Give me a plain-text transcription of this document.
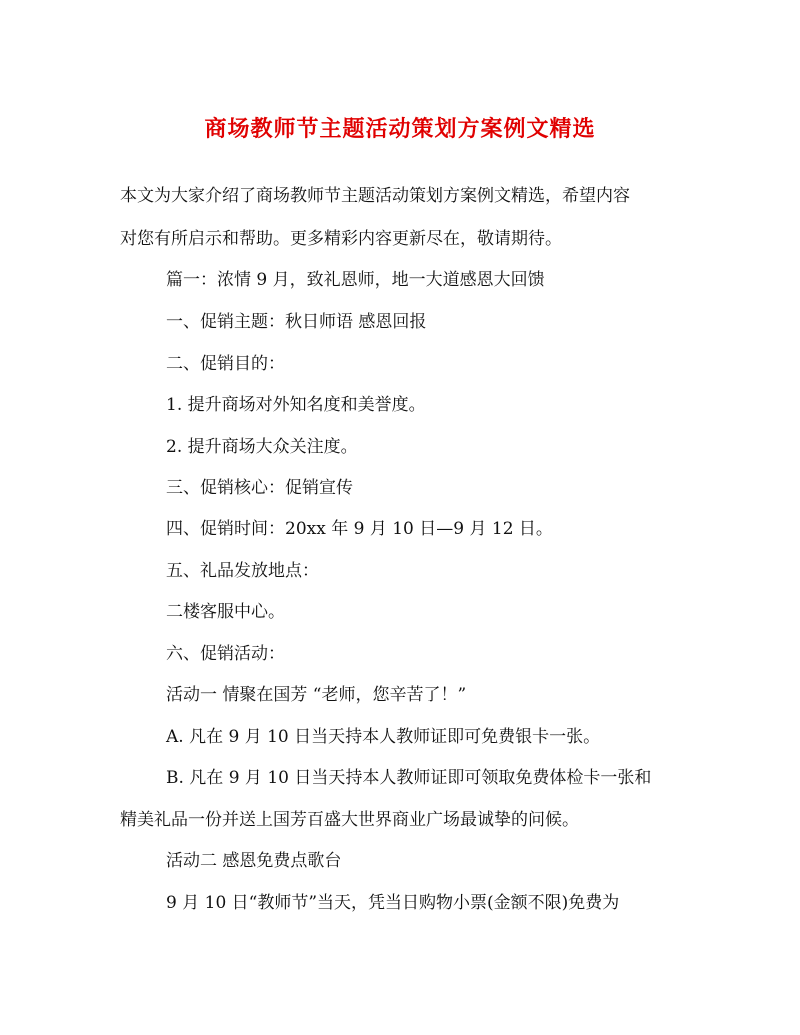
商场教师节主题活动策划方案例文精选
本文为大家介绍了商场教师节主题活动策划方案例文精选，希望内容
对您有所启示和帮助。更多精彩内容更新尽在，敬请期待。
篇一：浓情 9 月，致礼恩师，地一大道感恩大回馈
一、促销主题：秋日师语 感恩回报
二、促销目的：
1. 提升商场对外知名度和美誉度。
2. 提升商场大众关注度。
三、促销核心：促销宣传
四、促销时间：20xx 年 9 月 10 日—9 月 12 日。
五、礼品发放地点：
二楼客服中心。
六、促销活动：
活动一 情聚在国芳 “老师，您辛苦了！”
A. 凡在 9 月 10 日当天持本人教师证即可免费银卡一张。
B. 凡在 9 月 10 日当天持本人教师证即可领取免费体检卡一张和
精美礼品一份并送上国芳百盛大世界商业广场最诚挚的问候。
活动二 感恩免费点歌台
9 月 10 日“教师节”当天，凭当日购物小票(金额不限)免费为
